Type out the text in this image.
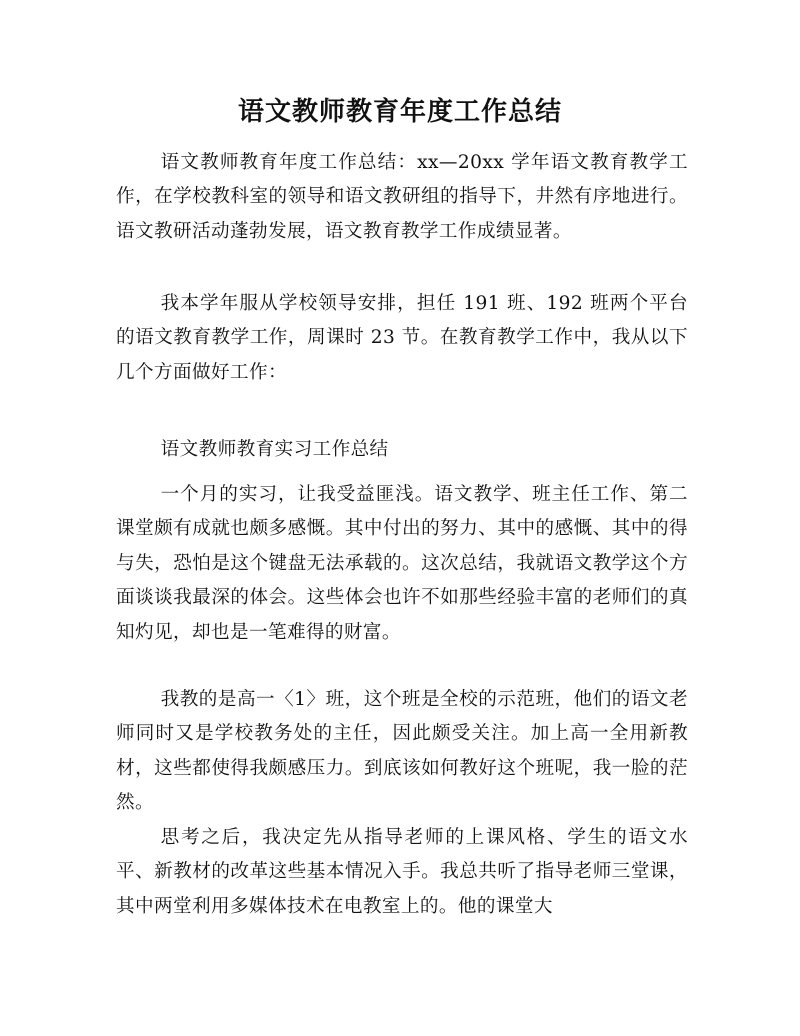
语文教师教育年度工作总结

语文教师教育年度工作总结：xx—20xx 学年语文教育教学工作，在学校教科室的领导和语文教研组的指导下，井然有序地进行。语文教研活动蓬勃发展，语文教育教学工作成绩显著。

我本学年服从学校领导安排，担任 191 班、192 班两个平台的语文教育教学工作，周课时 23 节。在教育教学工作中，我从以下几个方面做好工作：

语文教师教育实习工作总结

一个月的实习，让我受益匪浅。语文教学、班主任工作、第二课堂颇有成就也颇多感慨。其中付出的努力、其中的感慨、其中的得与失，恐怕是这个键盘无法承载的。这次总结，我就语文教学这个方面谈谈我最深的体会。这些体会也许不如那些经验丰富的老师们的真知灼见，却也是一笔难得的财富。

我教的是高一〈1〉班，这个班是全校的示范班，他们的语文老师同时又是学校教务处的主任，因此颇受关注。加上高一全用新教材，这些都使得我颇感压力。到底该如何教好这个班呢，我一脸的茫然。

思考之后，我决定先从指导老师的上课风格、学生的语文水平、新教材的改革这些基本情况入手。我总共听了指导老师三堂课，其中两堂利用多媒体技术在电教室上的。他的课堂大
